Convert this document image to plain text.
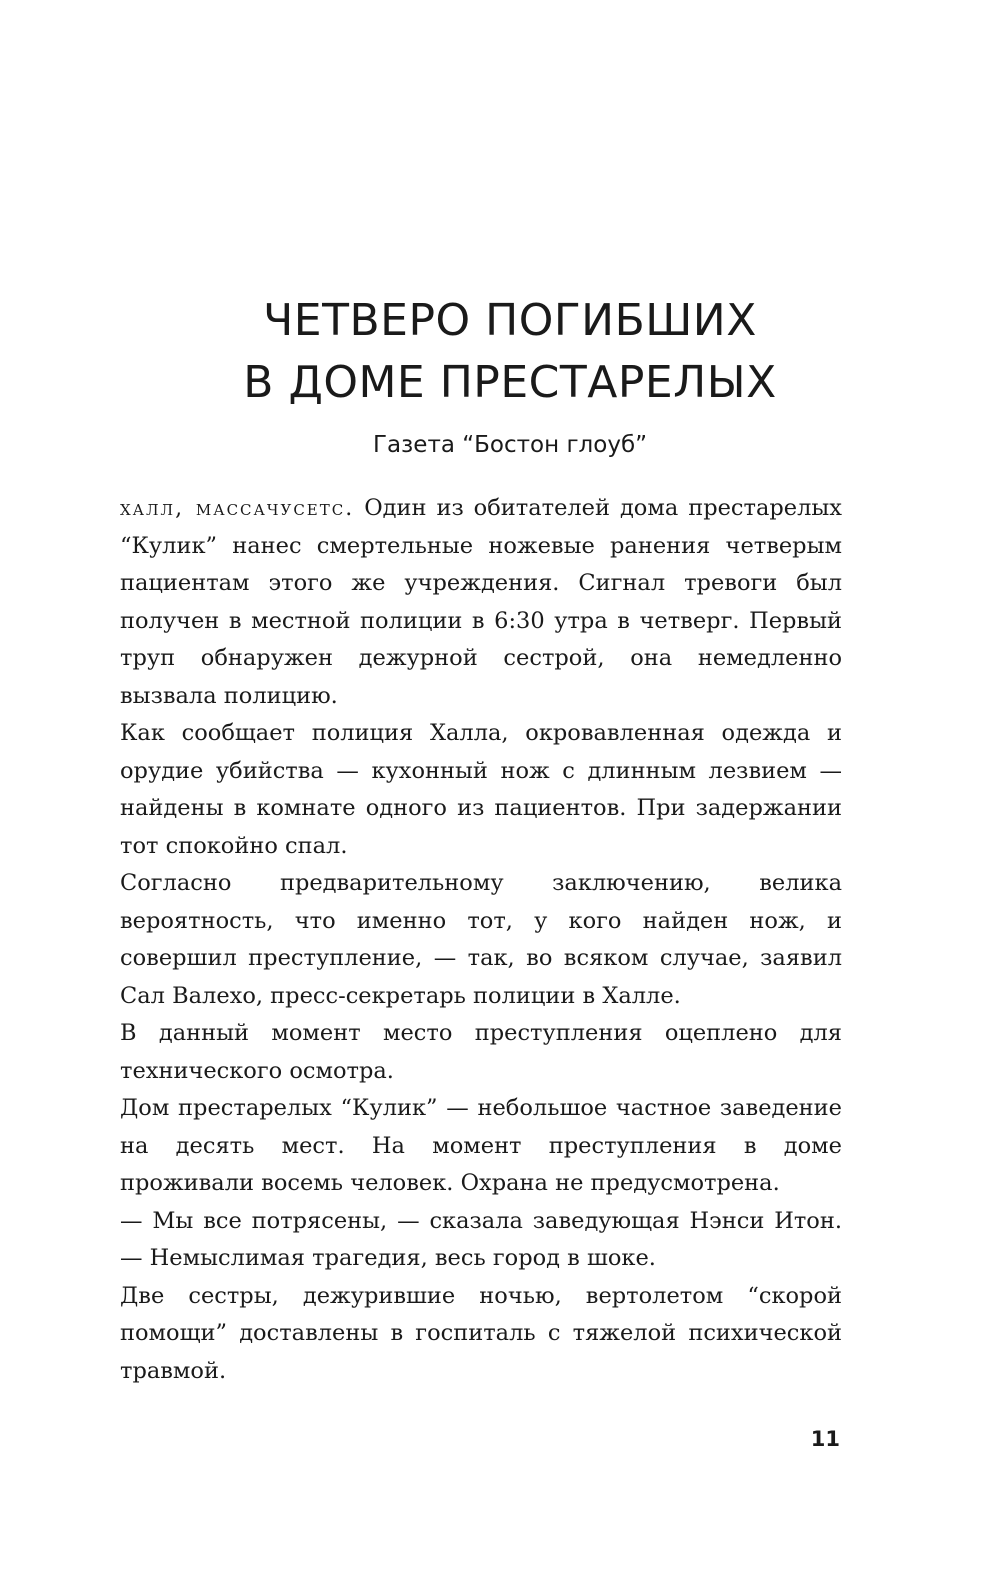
ЧЕТВЕРО ПОГИБШИХ
В ДОМЕ ПРЕСТАРЕЛЫХ
Газета “Бостон глоуб”

халл, массачусетс. Один из обитателей дома престарелых “Кулик” нанес смертельные ножевые ранения четверым пациентам этого же учреждения. Сигнал тревоги был получен в местной полиции в 6:30 утра в четверг. Первый труп обнаружен дежурной сестрой, она немедленно вызвала полицию.

Как сообщает полиция Халла, окровавленная одежда и орудие убийства — кухонный нож с длинным лезвием — найдены в комнате одного из пациентов. При задержании тот спокойно спал.

Согласно предварительному заключению, велика вероятность, что именно тот, у кого найден нож, и совершил преступление, — так, во всяком случае, заявил Сал Валехо, пресс-секретарь полиции в Халле.

В данный момент место преступления оцеплено для технического осмотра.

Дом престарелых “Кулик” — небольшое частное заведение на десять мест. На момент преступления в доме проживали восемь человек. Охрана не предусмотрена.

— Мы все потрясены, — сказала заведующая Нэнси Итон. — Немыслимая трагедия, весь город в шоке.

Две сестры, дежурившие ночью, вертолетом “скорой помощи” доставлены в госпиталь с тяжелой психической травмой.

11
